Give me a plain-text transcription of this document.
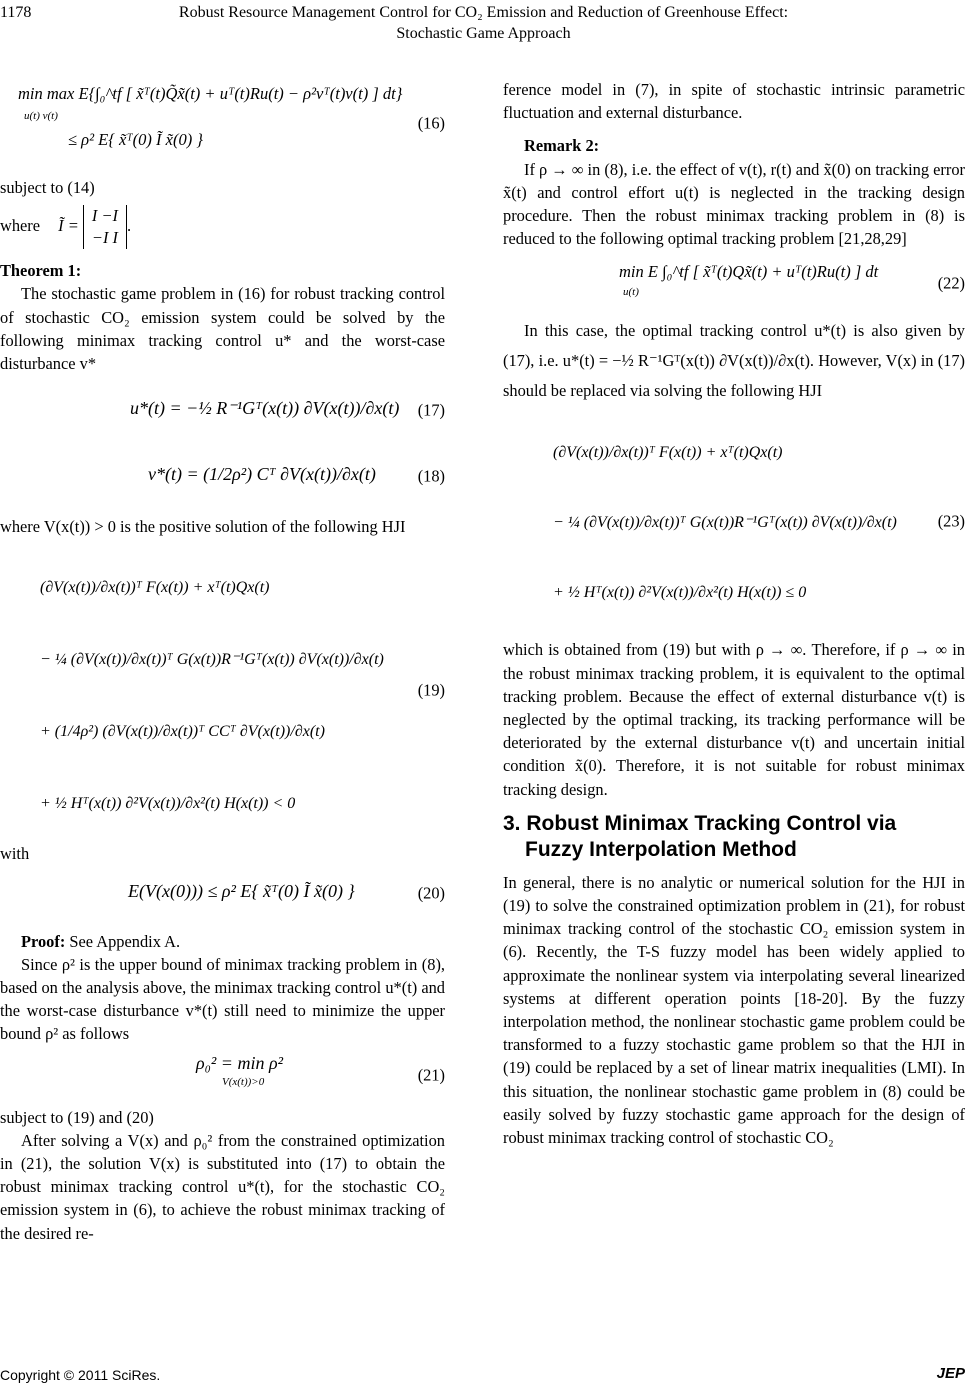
1178	Robust Resource Management Control for CO₂ Emission and Reduction of Greenhouse Effect:
Stochastic Game Approach
min max E{∫₀^tf [ x̃ᵀ(t)Q̃x̃(t) + uᵀ(t)Ru(t) − ρ²vᵀ(t)v(t) ] dt}
u(t) v(t)
≤ ρ² E{ x̃ᵀ(0) Ĩ x̃(0) }
(16)

subject to (14)

where Ĩ =
I −I
−I I
.

Theorem 1:

The stochastic game problem in (16) for robust tracking control of stochastic CO₂ emission system could be solved by the following minimax tracking control u* and the worst-case disturbance v*

u*(t) = −½ R⁻¹Gᵀ(x(t)) ∂V(x(t))/∂x(t)	(17)
v*(t) = (1/2ρ²) Cᵀ ∂V(x(t))/∂x(t)	(18)

where V(x(t)) > 0 is the positive solution of the following HJI

(∂V(x(t))/∂x(t))ᵀ F(x(t)) + xᵀ(t)Qx(t)
− ¼ (∂V(x(t))/∂x(t))ᵀ G(x(t))R⁻¹Gᵀ(x(t)) ∂V(x(t))/∂x(t)
+ (1/4ρ²) (∂V(x(t))/∂x(t))ᵀ CCᵀ ∂V(x(t))/∂x(t)
+ ½ Hᵀ(x(t)) ∂²V(x(t))/∂x²(t) H(x(t)) < 0
(19)

with

E(V(x(0))) ≤ ρ² E{ x̃ᵀ(0) Ĩ x̃(0) }	(20)

Proof: See Appendix A.

Since ρ² is the upper bound of minimax tracking problem in (8), based on the analysis above, the minimax tracking control u*(t) and the worst-case disturbance v*(t) still need to minimize the upper bound ρ² as follows

ρ₀² = min ρ²
V(x(t))>0	(21)

subject to (19) and (20)

After solving a V(x) and ρ₀² from the constrained optimization in (21), the solution V(x) is substituted into (17) to obtain the robust minimax tracking control u*(t), for the stochastic CO₂ emission system in (6), to achieve the robust minimax tracking of the desired re-

ference model in (7), in spite of stochastic intrinsic parametric fluctuation and external disturbance.

Remark 2:

If ρ → ∞ in (8), i.e. the effect of v(t), r(t) and x̃(0) on tracking error x̃(t) and control effort u(t) is neglected in the tracking design procedure. Then the robust minimax tracking problem in (8) is reduced to the following optimal tracking problem [21,28,29]

min E ∫₀^tf [ x̃ᵀ(t)Qx̃(t) + uᵀ(t)Ru(t) ] dt
u(t)	(22)

In this case, the optimal tracking control u*(t) is also given by (17), i.e. u*(t) = −½ R⁻¹Gᵀ(x(t)) ∂V(x(t))/∂x(t). However, V(x) in (17) should be replaced via solving the following HJI

(∂V(x(t))/∂x(t))ᵀ F(x(t)) + xᵀ(t)Qx(t)
− ¼ (∂V(x(t))/∂x(t))ᵀ G(x(t))R⁻¹Gᵀ(x(t)) ∂V(x(t))/∂x(t)
+ ½ Hᵀ(x(t)) ∂²V(x(t))/∂x²(t) H(x(t)) ≤ 0
(23)

which is obtained from (19) but with ρ → ∞. Therefore, if ρ → ∞ in the robust minimax tracking problem, it is equivalent to the optimal tracking problem. Because the effect of external disturbance v(t) is neglected by the optimal tracking, its tracking performance will be deteriorated by the external disturbance v(t) and uncertain initial condition x̃(0). Therefore, it is not suitable for robust minimax tracking design.

3. Robust Minimax Tracking Control via
Fuzzy Interpolation Method

In general, there is no analytic or numerical solution for the HJI in (19) to solve the constrained optimization problem in (21), for robust minimax tracking control of the stochastic CO₂ emission system in (6). Recently, the T-S fuzzy model has been widely applied to approximate the nonlinear system via interpolating several linearized systems at different operation points [18-20]. By the fuzzy interpolation method, the nonlinear stochastic game problem could be transformed to a fuzzy stochastic game problem so that the HJI in (19) could be replaced by a set of linear matrix inequalities (LMI). In this situation, the nonlinear stochastic game problem in (8) could be easily solved by fuzzy stochastic game approach for the design of robust minimax tracking control of stochastic CO₂

Copyright © 2011 SciRes.	JEP
